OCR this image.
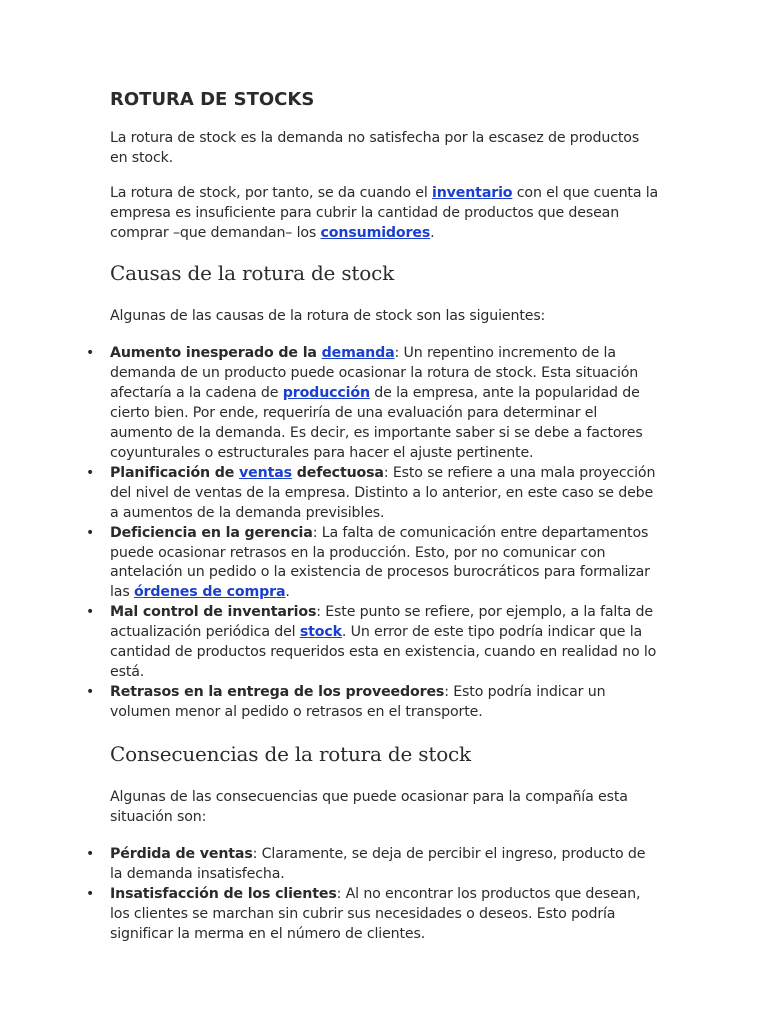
ROTURA DE STOCKS

La rotura de stock es la demanda no satisfecha por la escasez de productos en stock.

La rotura de stock, por tanto, se da cuando el inventario con el que cuenta la empresa es insuficiente para cubrir la cantidad de productos que desean comprar –que demandan– los consumidores.

Causas de la rotura de stock

Algunas de las causas de la rotura de stock son las siguientes:

• Aumento inesperado de la demanda: Un repentino incremento de la demanda de un producto puede ocasionar la rotura de stock. Esta situación afectaría a la cadena de producción de la empresa, ante la popularidad de cierto bien. Por ende, requeriría de una evaluación para determinar el aumento de la demanda. Es decir, es importante saber si se debe a factores coyunturales o estructurales para hacer el ajuste pertinente.
• Planificación de ventas defectuosa: Esto se refiere a una mala proyección del nivel de ventas de la empresa. Distinto a lo anterior, en este caso se debe a aumentos de la demanda previsibles.
• Deficiencia en la gerencia: La falta de comunicación entre departamentos puede ocasionar retrasos en la producción. Esto, por no comunicar con antelación un pedido o la existencia de procesos burocráticos para formalizar las órdenes de compra.
• Mal control de inventarios: Este punto se refiere, por ejemplo, a la falta de actualización periódica del stock. Un error de este tipo podría indicar que la cantidad de productos requeridos esta en existencia, cuando en realidad no lo está.
• Retrasos en la entrega de los proveedores: Esto podría indicar un volumen menor al pedido o retrasos en el transporte.
Consecuencias de la rotura de stock

Algunas de las consecuencias que puede ocasionar para la compañía esta situación son:

• Pérdida de ventas: Claramente, se deja de percibir el ingreso, producto de la demanda insatisfecha.
• Insatisfacción de los clientes: Al no encontrar los productos que desean, los clientes se marchan sin cubrir sus necesidades o deseos. Esto podría significar la merma en el número de clientes.
